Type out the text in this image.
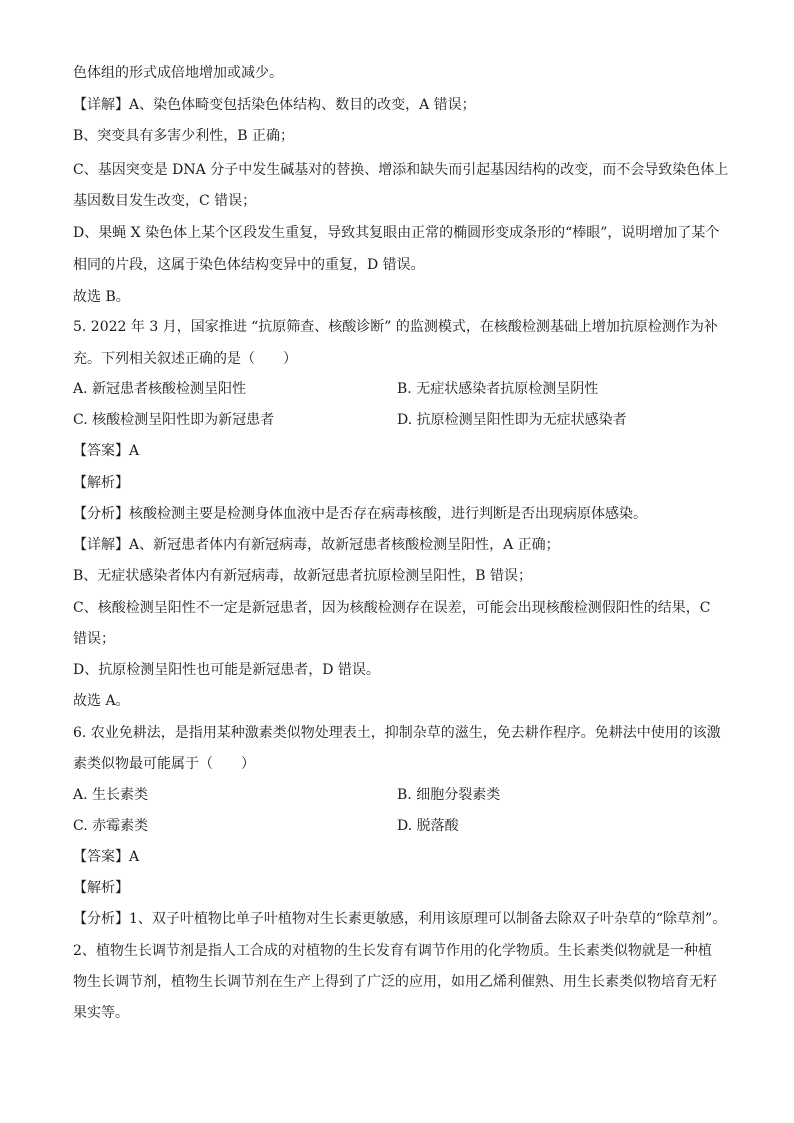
色体组的形式成倍地增加或减少。
【详解】A、染色体畸变包括染色体结构、数目的改变，A 错误；
B、突变具有多害少利性，B 正确；
C、基因突变是 DNA 分子中发生碱基对的替换、增添和缺失而引起基因结构的改变，而不会导致染色体上
基因数目发生改变，C 错误；
D、果蝇 X 染色体上某个区段发生重复，导致其复眼由正常的椭圆形变成条形的“棒眼”，说明增加了某个
相同的片段，这属于染色体结构变异中的重复，D 错误。
故选 B。
5. 2022 年 3 月，国家推进 “抗原筛查、核酸诊断” 的监测模式，在核酸检测基础上增加抗原检测作为补
充。下列相关叙述正确的是（　　）
A. 新冠患者核酸检测呈阳性	B. 无症状感染者抗原检测呈阴性
C. 核酸检测呈阳性即为新冠患者	D. 抗原检测呈阳性即为无症状感染者
【答案】A
【解析】
【分析】核酸检测主要是检测身体血液中是否存在病毒核酸，进行判断是否出现病原体感染。
【详解】A、新冠患者体内有新冠病毒，故新冠患者核酸检测呈阳性，A 正确；
B、无症状感染者体内有新冠病毒，故新冠患者抗原检测呈阳性，B 错误；
C、核酸检测呈阳性不一定是新冠患者，因为核酸检测存在误差，可能会出现核酸检测假阳性的结果，C
错误；
D、抗原检测呈阳性也可能是新冠患者，D 错误。
故选 A。
6. 农业免耕法，是指用某种激素类似物处理表土，抑制杂草的滋生，免去耕作程序。免耕法中使用的该激
素类似物最可能属于（　　）
A. 生长素类	B. 细胞分裂素类
C. 赤霉素类	D. 脱落酸
【答案】A
【解析】
【分析】1、双子叶植物比单子叶植物对生长素更敏感，利用该原理可以制备去除双子叶杂草的“除草剂”。
2、植物生长调节剂是指人工合成的对植物的生长发育有调节作用的化学物质。生长素类似物就是一种植
物生长调节剂，植物生长调节剂在生产上得到了广泛的应用，如用乙烯利催熟、用生长素类似物培育无籽
果实等。
